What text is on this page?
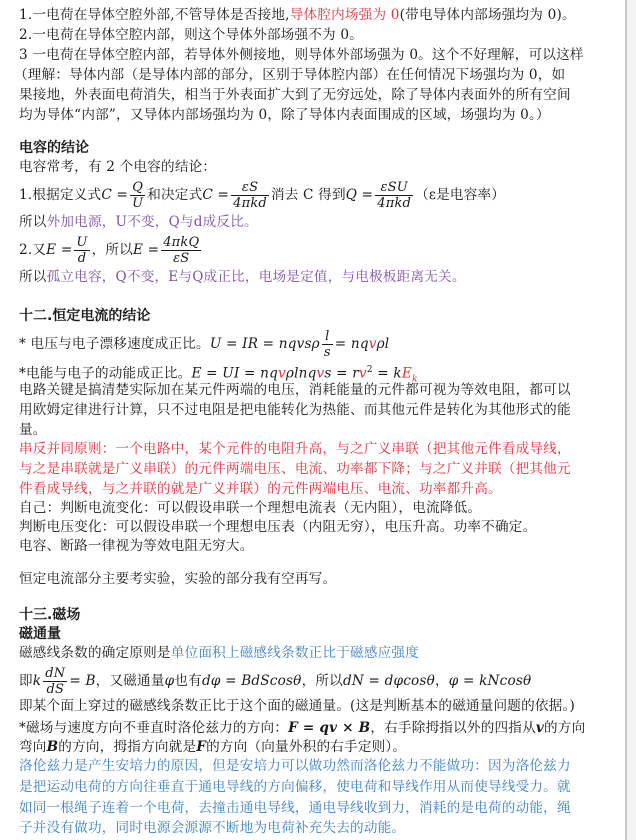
1.一电荷在导体空腔外部,不管导体是否接地,导体腔内场强为 0(带电导体内部场强均为 0)。
2.一电荷在导体空腔内部，则这个导体外部场强不为 0。
3 一电荷在导体空腔内部，若导体外侧接地，则导体外部场强为 0。这个不好理解，可以这样
（理解：导体内部（是导体内部的部分，区别于导体腔内部）在任何情况下场强均为 0，如
果接地，外表面电荷消失，相当于外表面扩大到了无穷远处，除了导体内表面外的所有空间
均为导体“内部”，又导体内部场强均为 0，除了导体内表面围成的区域，场强均为 0。）
电容的结论
电容常考，有 2 个电容的结论：
1.根据定义式$C = \frac{Q}{U}$ 和决定式$C = \frac{\varepsilon S}{\text{4πkd}}$ 消去 C 得到$Q = \frac{\text{εSU}}{\text{4πkd}} (\varepsilon$是电容率）
所以外加电源，U不变，Q与d成反比。
2.又$E = \frac{U}{d}$ ，所以$E = \frac{\text{4πkQ}}{\varepsilon S}$
所以孤立电容，Q不变，E与Q成正比，电场是定值，与电极板距离无关。
十二.恒定电流的结论
* 电压与电子漂移速度成正比。U = IR = nqvsρ $\frac{l}{s} = nqv\rho l$
*电能与电子的动能成正比。E = UI = nqvρlnqvs = $rv^2 = kE_k$
电路关键是搞清楚实际加在某元件两端的电压，消耗能量的元件都可视为等效电阻，都可以
用欧姆定律进行计算，只不过电阻是把电能转化为热能、而其他元件是转化为其他形式的能
量。
串反并同原则：一个电路中，某个元件的电阻升高，与之广义串联（把其他元件看成导线，
与之是串联就是广义串联）的元件两端电压、电流、功率都下降；与之广义并联（把其他元
件看成导线，与之并联的就是广义并联）的元件两端电压、电流、功率都升高。
自己：判断电流变化：可以假设串联一个理想电流表（无内阻），电流降低。
判断电压变化：可以假设串联一个理想电压表（内阻无穷），电压升高。功率不确定。
电容、断路一律视为等效电阻无穷大。
恒定电流部分主要考实验，实验的部分我有空再写。
十三.磁场
磁通量
磁感线条数的确定原则是单位面积上磁感线条数正比于磁感应强度
即k $\frac{dN}{dS} = B$，又磁通量φ也有dφ = BdScosθ，所以dN = dφcosθ，φ = kNcosθ
即某个面上穿过的磁感线条数正比于这个面的磁通量。(这是判断基本的磁通量问题的依据。)
*磁场与速度方向不垂直时洛伦兹力的方向：F = qv × B，右手除拇指以外的四指从v的方向
弯向B的方向，拇指方向就是F的方向（向量外积的右手定则）。
洛伦兹力是产生安培力的原因，但是安培力可以做功然而洛伦兹力不能做功：因为洛伦兹力
是把运动电荷的方向往垂直于通电导线的方向偏移，使电荷和导线作用从而使导线受力。就
如同一根绳子连着一个电荷，去撞击通电导线，通电导线收到力，消耗的是电荷的动能，绳
子并没有做功，同时电源会源源不断地为电荷补充失去的动能。
